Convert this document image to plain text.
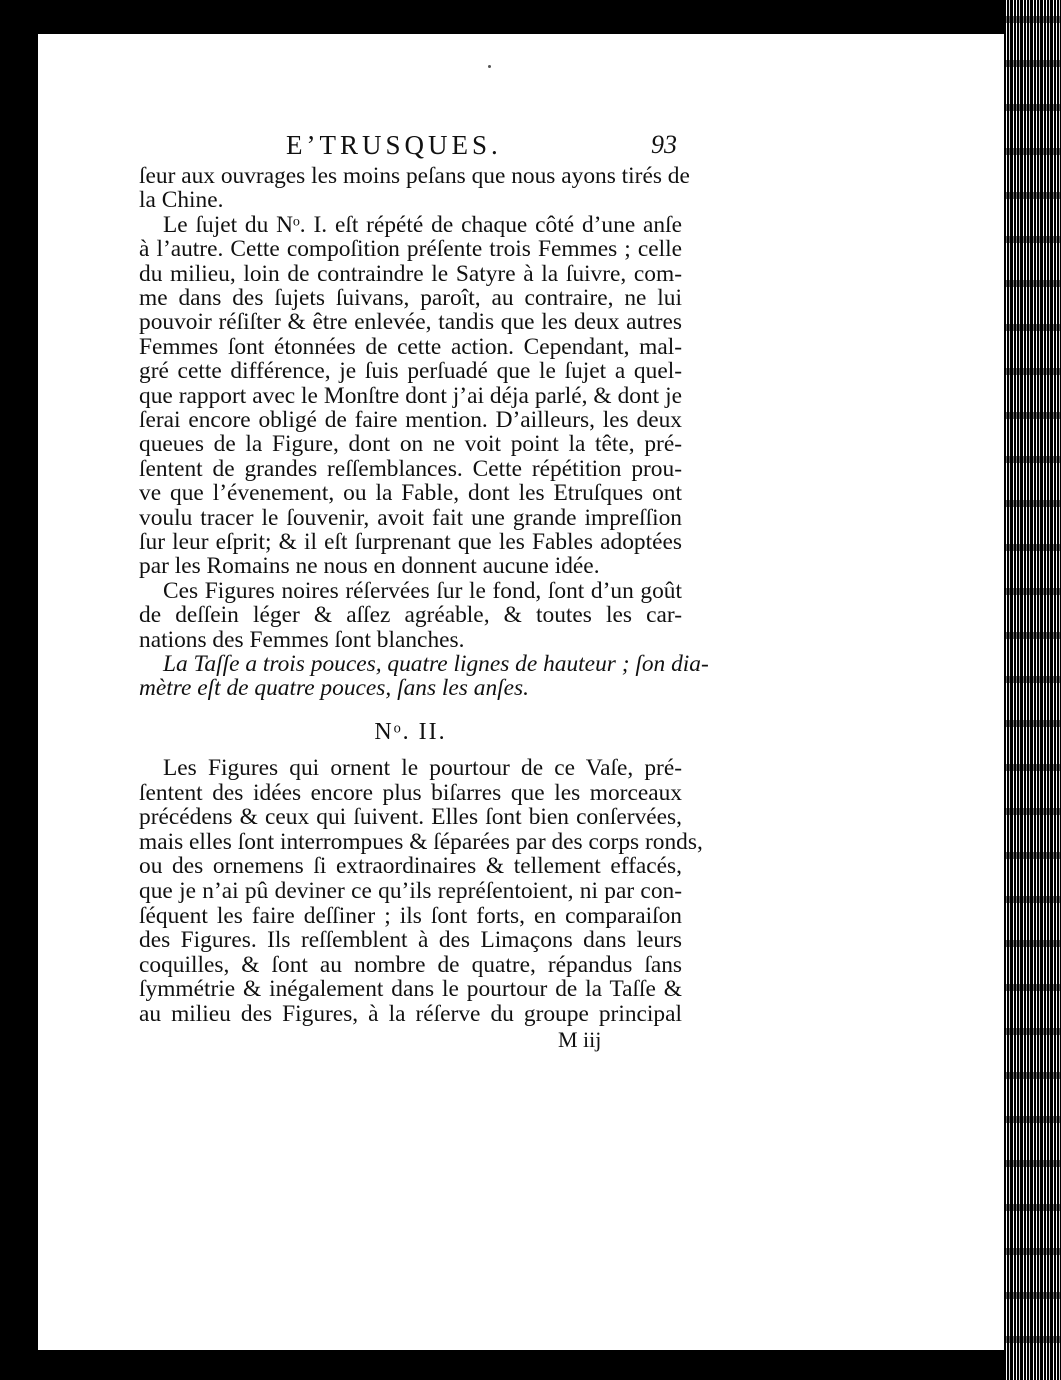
E’TRUSQUES.	93
ſeur aux ouvrages les moins peſans que nous ayons tirés de
la Chine.
Le ſujet du Nᵒ. I. eſt répété de chaque côté d’une anſe
à l’autre. Cette compoſition préſente trois Femmes ; celle
du milieu, loin de contraindre le Satyre à la ſuivre, com-
me dans des ſujets ſuivans, paroît, au contraire, ne lui
pouvoir réſiſter & être enlevée, tandis que les deux autres
Femmes ſont étonnées de cette action. Cependant, mal-
gré cette différence, je ſuis perſuadé que le ſujet a quel-
que rapport avec le Monſtre dont j’ai déja parlé, & dont je
ſerai encore obligé de faire mention. D’ailleurs, les deux
queues de la Figure, dont on ne voit point la tête, pré-
ſentent de grandes reſſemblances. Cette répétition prou-
ve que l’évenement, ou la Fable, dont les Etruſques ont
voulu tracer le ſouvenir, avoit fait une grande impreſſion
ſur leur eſprit; & il eſt ſurprenant que les Fables adoptées
par les Romains ne nous en donnent aucune idée.
Ces Figures noires réſervées ſur le fond, ſont d’un goût
de deſſein léger & aſſez agréable, & toutes les car-
nations des Femmes ſont blanches.
La Taſſe a trois pouces, quatre lignes de hauteur ; ſon dia-
mètre eſt de quatre pouces, ſans les anſes.
Nᵒ. II.
Les Figures qui ornent le pourtour de ce Vaſe, pré-
ſentent des idées encore plus biſarres que les morceaux
précédens & ceux qui ſuivent. Elles ſont bien conſervées,
mais elles ſont interrompues & ſéparées par des corps ronds,
ou des ornemens ſi extraordinaires & tellement effacés,
que je n’ai pû deviner ce qu’ils repréſentoient, ni par con-
ſéquent les faire deſſiner ; ils ſont forts, en comparaiſon
des Figures. Ils reſſemblent à des Limaçons dans leurs
coquilles, & ſont au nombre de quatre, répandus ſans
ſymmétrie & inégalement dans le pourtour de la Taſſe &
au milieu des Figures, à la réſerve du groupe principal
M iij
